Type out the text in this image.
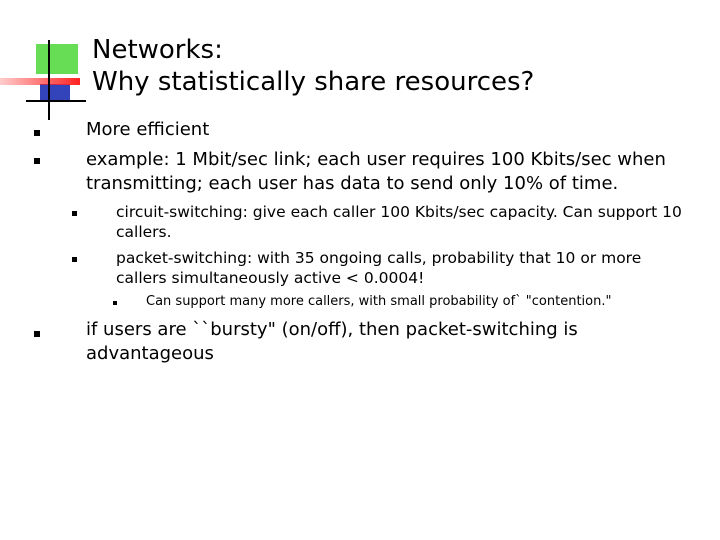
Networks:
Why statistically share resources?
More efficient
example: 1 Mbit/sec link; each user requires 100 Kbits/sec when
transmitting; each user has data to send only 10% of time.
circuit-switching: give each caller 100 Kbits/sec capacity. Can support 10
callers.
packet-switching: with 35 ongoing calls, probability that 10 or more
callers simultaneously active < 0.0004!
Can support many more callers, with small probability of` "contention."
if users are ``bursty" (on/off), then packet-switching is
advantageous
